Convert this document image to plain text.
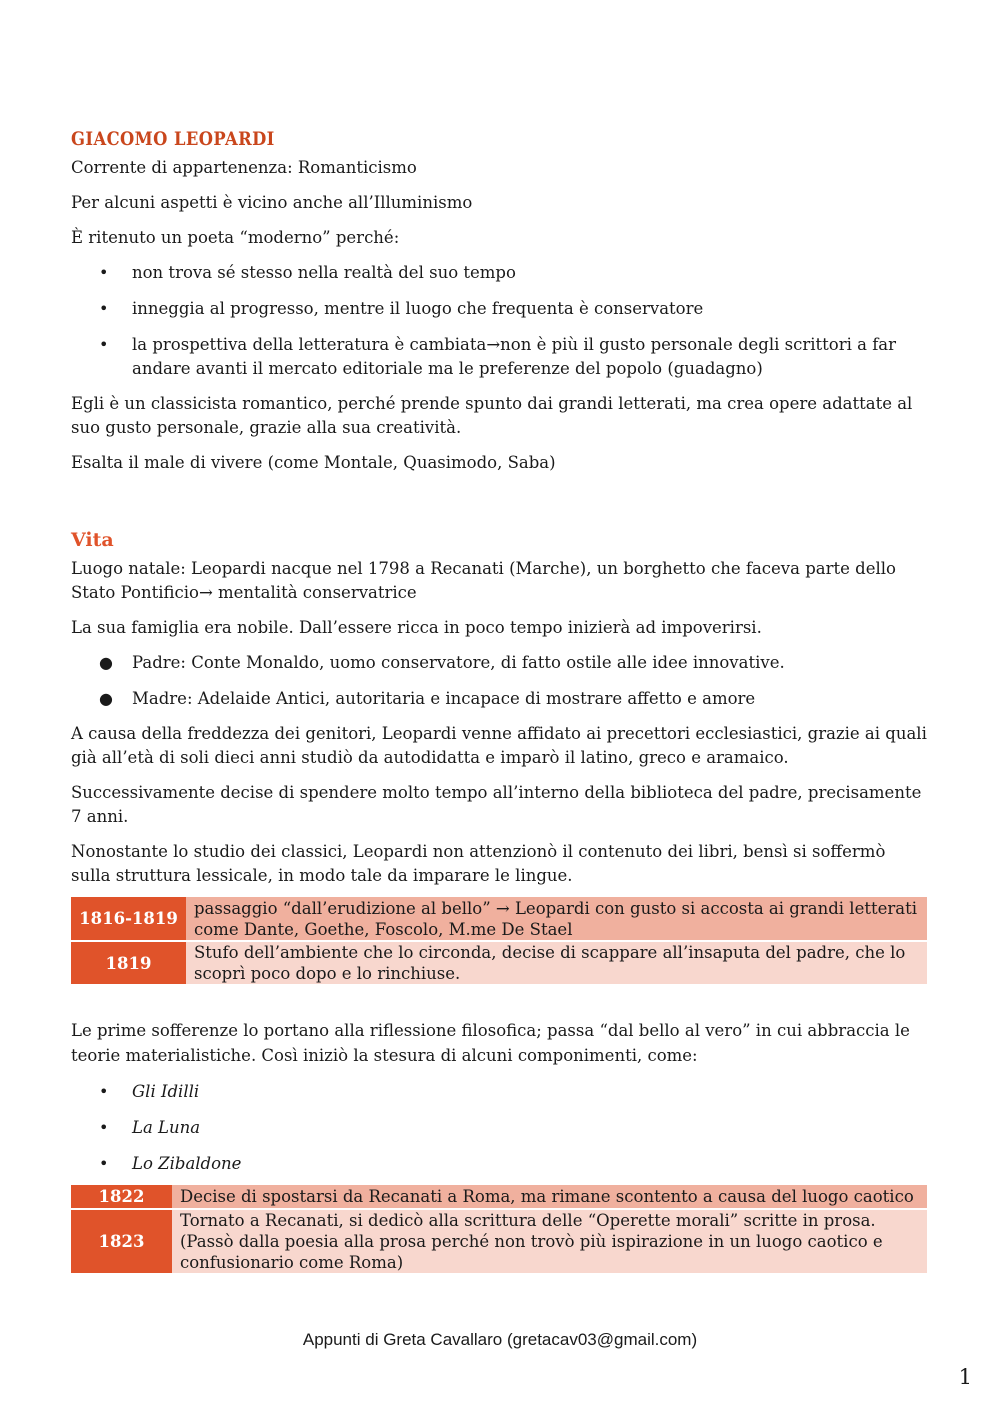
GIACOMO LEOPARDI

Corrente di appartenenza: Romanticismo

Per alcuni aspetti è vicino anche all’Illuminismo

È ritenuto un poeta “moderno” perché:

• non trova sé stesso nella realtà del suo tempo
• inneggia al progresso, mentre il luogo che frequenta è conservatore
• la prospettiva della letteratura è cambiata→non è più il gusto personale degli scrittori a far andare avanti il mercato editoriale ma le preferenze del popolo (guadagno)

Egli è un classicista romantico, perché prende spunto dai grandi letterati, ma crea opere adattate al suo gusto personale, grazie alla sua creatività.

Esalta il male di vivere (come Montale, Quasimodo, Saba)

Vita

Luogo natale: Leopardi nacque nel 1798 a Recanati (Marche), un borghetto che faceva parte dello Stato Pontificio→ mentalità conservatrice

La sua famiglia era nobile. Dall’essere ricca in poco tempo inizierà ad impoverirsi.

● Padre: Conte Monaldo, uomo conservatore, di fatto ostile alle idee innovative.
● Madre: Adelaide Antici, autoritaria e incapace di mostrare affetto e amore

A causa della freddezza dei genitori, Leopardi venne affidato ai precettori ecclesiastici, grazie ai quali già all’età di soli dieci anni studiò da autodidatta e imparò il latino, greco e aramaico.

Successivamente decise di spendere molto tempo all’interno della biblioteca del padre, precisamente 7 anni.

Nonostante lo studio dei classici, Leopardi non attenzionò il contenuto dei libri, bensì si soffermò sulla struttura lessicale, in modo tale da imparare le lingue.

1816-1819	passaggio “dall’erudizione al bello” → Leopardi con gusto si accosta ai grandi letterati come Dante, Goethe, Foscolo, M.me De Stael
1819	Stufo dell’ambiente che lo circonda, decise di scappare all’insaputa del padre, che lo scoprì poco dopo e lo rinchiuse.

Le prime sofferenze lo portano alla riflessione filosofica; passa “dal bello al vero” in cui abbraccia le teorie materialistiche. Così iniziò la stesura di alcuni componimenti, come:

• Gli Idilli
• La Luna
• Lo Zibaldone
1822	Decise di spostarsi da Recanati a Roma, ma rimane scontento a causa del luogo caotico
1823	Tornato a Recanati, si dedicò alla scrittura delle “Operette morali” scritte in prosa. (Passò dalla poesia alla prosa perché non trovò più ispirazione in un luogo caotico e confusionario come Roma)
Appunti di Greta Cavallaro (gretacav03@gmail.com)
1
